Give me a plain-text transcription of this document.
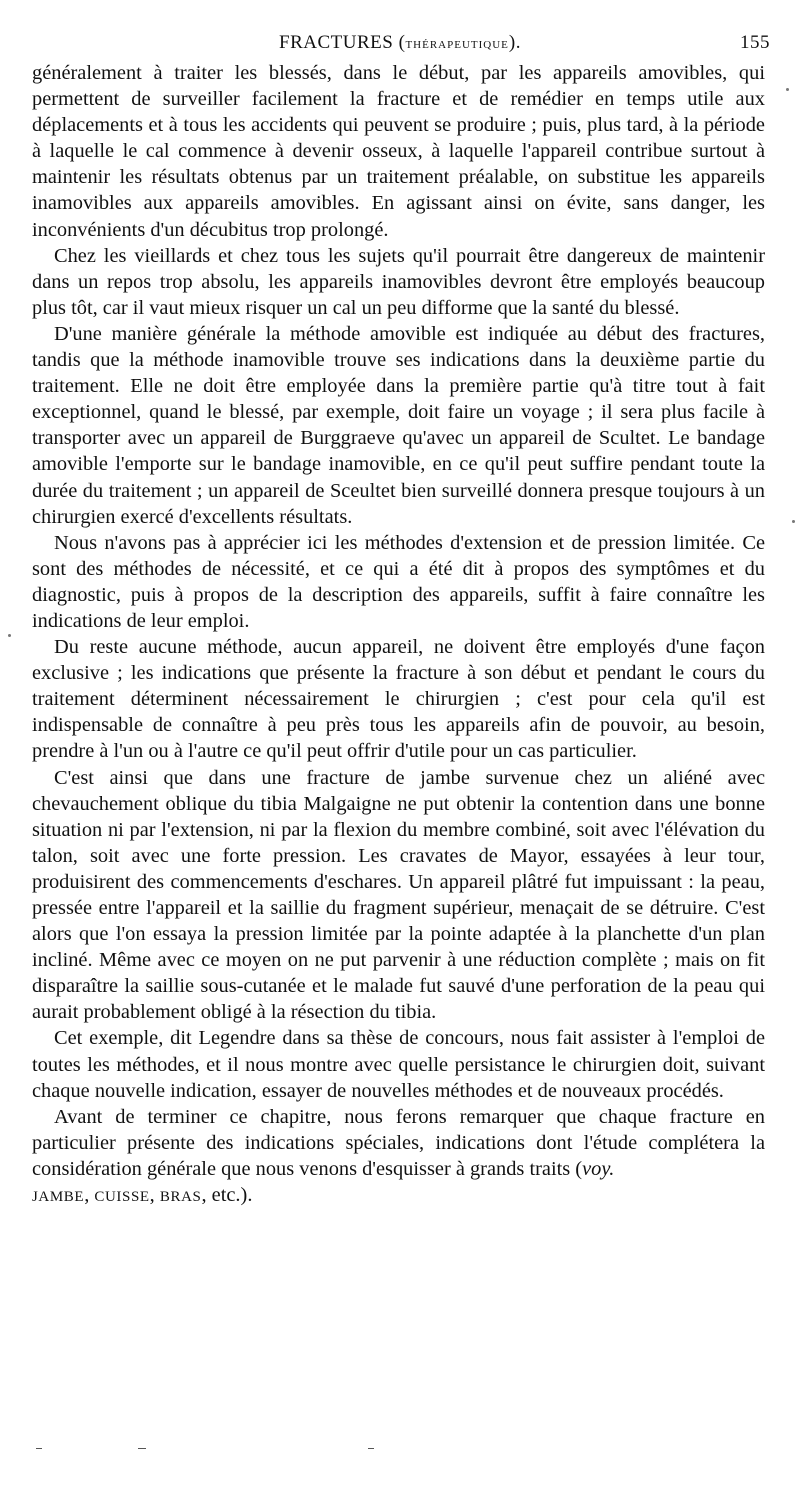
FRACTURES (THÉRAPEUTIQUE).	155

généralement à traiter les blessés, dans le début, par les appareils amovibles, qui permettent de surveiller facilement la fracture et de remédier en temps utile aux déplacements et à tous les accidents qui peuvent se produire ; puis, plus tard, à la période à laquelle le cal commence à devenir osseux, à laquelle l'appareil contribue surtout à maintenir les résultats obtenus par un traitement préalable, on substitue les appareils inamovibles aux appareils amovibles. En agissant ainsi on évite, sans danger, les inconvénients d'un décubitus trop prolongé.

Chez les vieillards et chez tous les sujets qu'il pourrait être dangereux de maintenir dans un repos trop absolu, les appareils inamovibles devront être employés beaucoup plus tôt, car il vaut mieux risquer un cal un peu difforme que la santé du blessé.

D'une manière générale la méthode amovible est indiquée au début des fractures, tandis que la méthode inamovible trouve ses indications dans la deuxième partie du traitement. Elle ne doit être employée dans la première partie qu'à titre tout à fait exceptionnel, quand le blessé, par exemple, doit faire un voyage ; il sera plus facile à transporter avec un appareil de Burggraeve qu'avec un appareil de Scultet. Le bandage amovible l'emporte sur le bandage inamovible, en ce qu'il peut suffire pendant toute la durée du traitement ; un appareil de Sceultet bien surveillé donnera presque toujours à un chirurgien exercé d'excellents résultats.

Nous n'avons pas à apprécier ici les méthodes d'extension et de pression limitée. Ce sont des méthodes de nécessité, et ce qui a été dit à propos des symptômes et du diagnostic, puis à propos de la description des appareils, suffit à faire connaître les indications de leur emploi.

Du reste aucune méthode, aucun appareil, ne doivent être employés d'une façon exclusive ; les indications que présente la fracture à son début et pendant le cours du traitement déterminent nécessairement le chirurgien ; c'est pour cela qu'il est indispensable de connaître à peu près tous les appareils afin de pouvoir, au besoin, prendre à l'un ou à l'autre ce qu'il peut offrir d'utile pour un cas particulier.

C'est ainsi que dans une fracture de jambe survenue chez un aliéné avec chevauchement oblique du tibia Malgaigne ne put obtenir la contention dans une bonne situation ni par l'extension, ni par la flexion du membre combiné, soit avec l'élévation du talon, soit avec une forte pression. Les cravates de Mayor, essayées à leur tour, produisirent des commencements d'eschares. Un appareil plâtré fut impuissant : la peau, pressée entre l'appareil et la saillie du fragment supérieur, menaçait de se détruire. C'est alors que l'on essaya la pression limitée par la pointe adaptée à la planchette d'un plan incliné. Même avec ce moyen on ne put parvenir à une réduction complète ; mais on fit disparaître la saillie sous-cutanée et le malade fut sauvé d'une perforation de la peau qui aurait probablement obligé à la résection du tibia.

Cet exemple, dit Legendre dans sa thèse de concours, nous fait assister à l'emploi de toutes les méthodes, et il nous montre avec quelle persistance le chirurgien doit, suivant chaque nouvelle indication, essayer de nouvelles méthodes et de nouveaux procédés.

Avant de terminer ce chapitre, nous ferons remarquer que chaque fracture en particulier présente des indications spéciales, indications dont l'étude complétera la considération générale que nous venons d'esquisser à grands traits (voy.
JAMBE, CUISSE, BRAS, etc.).
